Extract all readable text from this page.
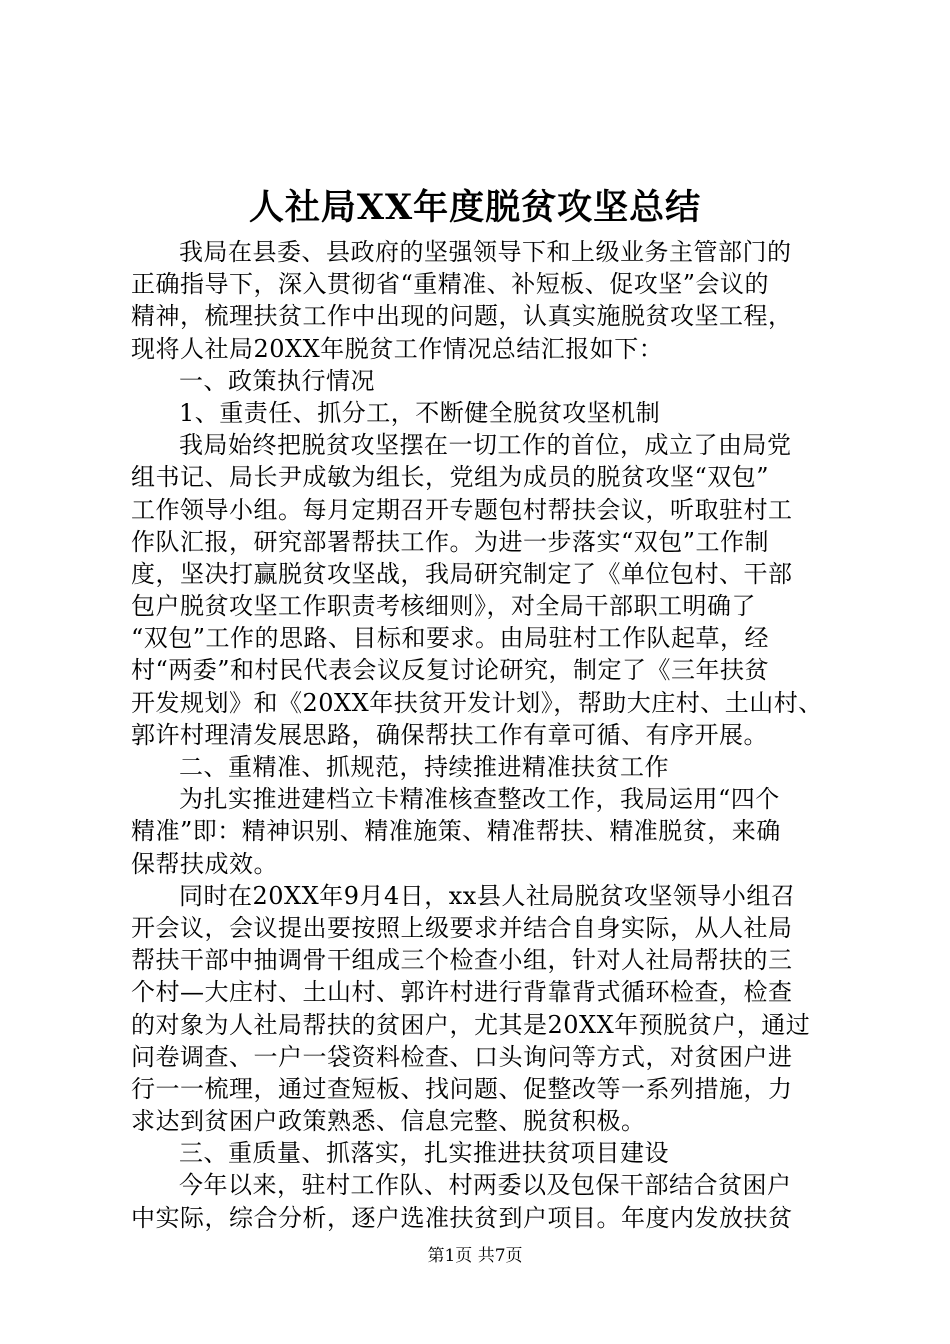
人社局XX年度脱贫攻坚总结
我局在县委、县政府的坚强领导下和上级业务主管部门的
正确指导下，深入贯彻省“重精准、补短板、促攻坚”会议的
精神，梳理扶贫工作中出现的问题，认真实施脱贫攻坚工程，
现将人社局20XX年脱贫工作情况总结汇报如下：
一、政策执行情况
1、重责任、抓分工，不断健全脱贫攻坚机制
我局始终把脱贫攻坚摆在一切工作的首位，成立了由局党
组书记、局长尹成敏为组长，党组为成员的脱贫攻坚“双包”
工作领导小组。每月定期召开专题包村帮扶会议，听取驻村工
作队汇报，研究部署帮扶工作。为进一步落实“双包”工作制
度，坚决打赢脱贫攻坚战，我局研究制定了《单位包村、干部
包户脱贫攻坚工作职责考核细则》，对全局干部职工明确了
“双包”工作的思路、目标和要求。由局驻村工作队起草，经
村“两委”和村民代表会议反复讨论研究，制定了《三年扶贫
开发规划》和《20XX年扶贫开发计划》，帮助大庄村、土山村、
郭许村理清发展思路，确保帮扶工作有章可循、有序开展。
二、重精准、抓规范，持续推进精准扶贫工作
为扎实推进建档立卡精准核查整改工作，我局运用“四个
精准”即：精神识别、精准施策、精准帮扶、精准脱贫，来确
保帮扶成效。
同时在20XX年9月4日，xx县人社局脱贫攻坚领导小组召
开会议，会议提出要按照上级要求并结合自身实际，从人社局
帮扶干部中抽调骨干组成三个检查小组，针对人社局帮扶的三
个村—大庄村、土山村、郭许村进行背靠背式循环检查，检查
的对象为人社局帮扶的贫困户，尤其是20XX年预脱贫户，通过
问卷调查、一户一袋资料检查、口头询问等方式，对贫困户进
行一一梳理，通过查短板、找问题、促整改等一系列措施，力
求达到贫困户政策熟悉、信息完整、脱贫积极。
三、重质量、抓落实，扎实推进扶贫项目建设
今年以来，驻村工作队、村两委以及包保干部结合贫困户
中实际，综合分析，逐户选准扶贫到户项目。年度内发放扶贫
第1页 共7页
